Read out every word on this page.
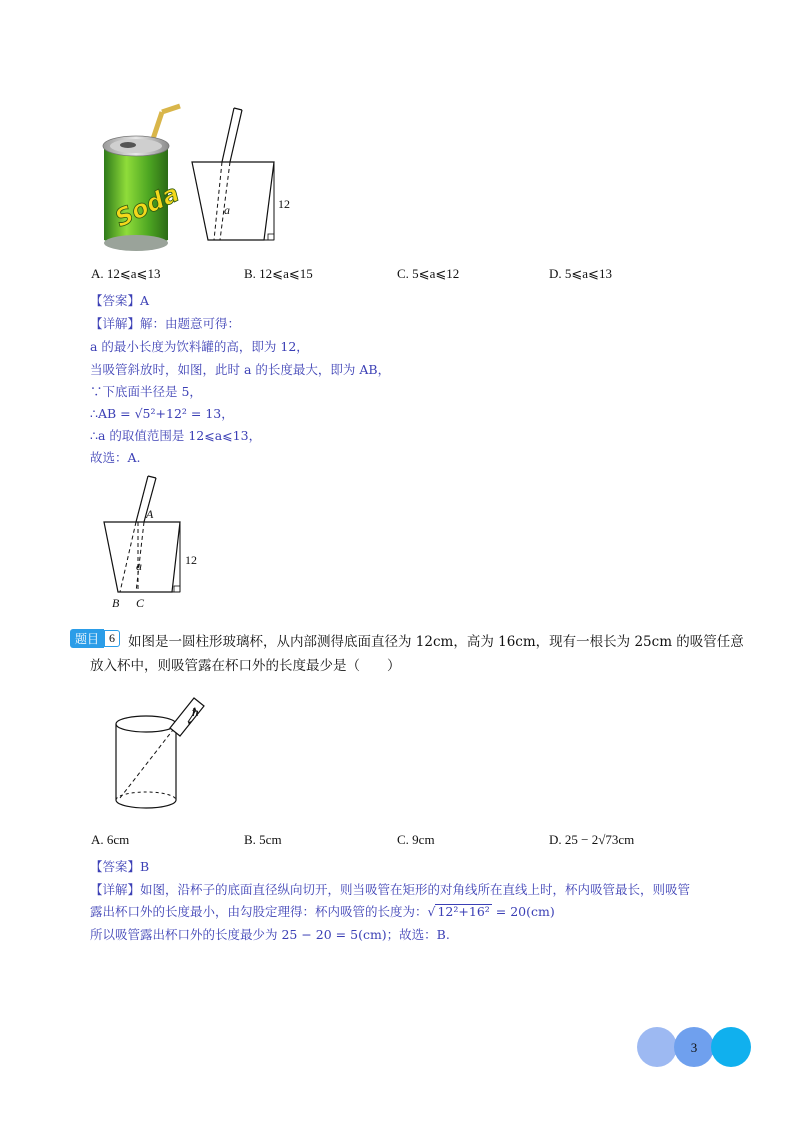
Soda	12
a
A. 12⩽a⩽13	B. 12⩽a⩽15	C. 5⩽a⩽12	D. 5⩽a⩽13
【答案】A
【详解】解：由题意可得：
a 的最小长度为饮料罐的高，即为 12，
当吸管斜放时，如图，此时 a 的长度最大，即为 AB，
∵下底面半径是 5，
∴AB = √5²+12² = 13，
∴a 的取值范围是 12⩽a⩽13，
故选：A.
A
B C
a	12
题目 6 如图是一圆柱形玻璃杯，从内部测得底面直径为 12cm，高为 16cm，现有一根长为 25cm 的吸管任意
放入杯中，则吸管露在杯口外的长度最少是（　　）
h
A. 6cm	B. 5cm	C. 9cm	D. 25 − 2√73cm
【答案】B
【详解】如图，沿杯子的底面直径纵向切开，则当吸管在矩形的对角线所在直线上时，杯内吸管最长，则吸管
露出杯口外的长度最小，由勾股定理得：杯内吸管的长度为：√ 12²+16² = 20(cm)
所以吸管露出杯口外的长度最少为 25 − 20 = 5(cm)；故选：B.
3
